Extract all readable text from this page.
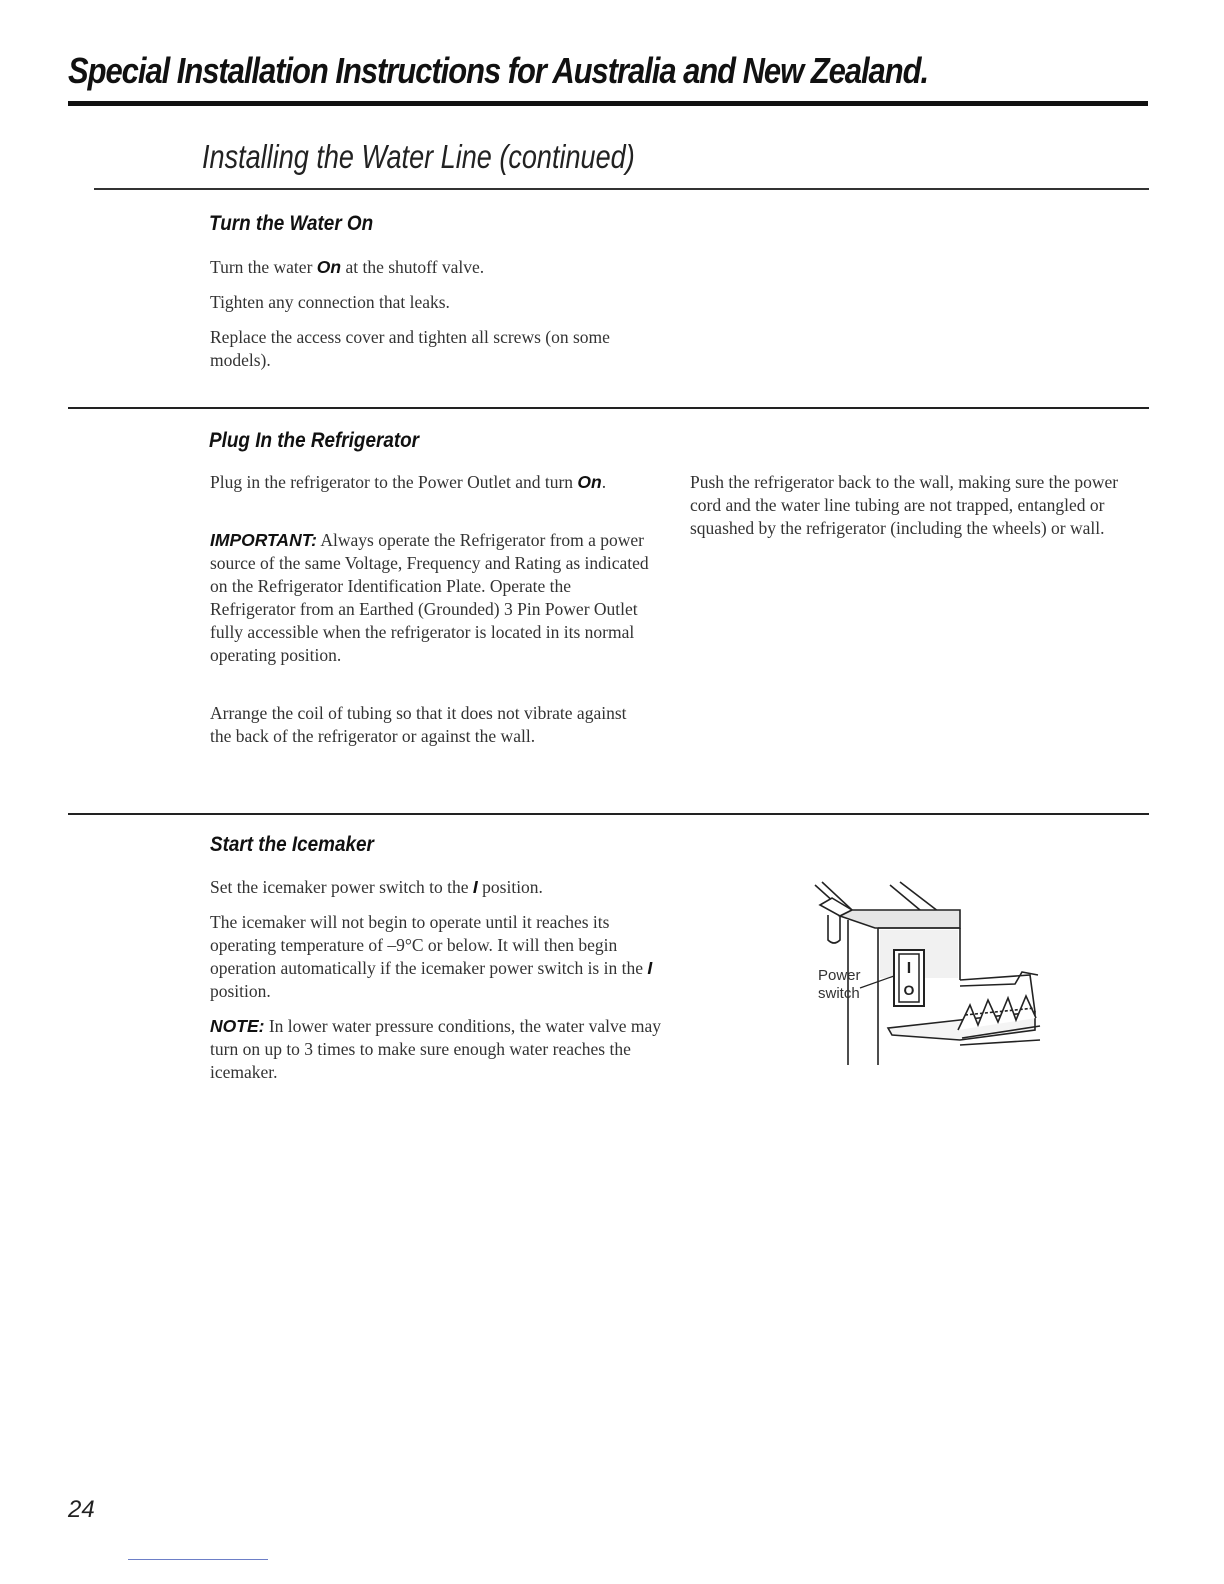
Special Installation Instructions for Australia and New Zealand.
Installing the Water Line (continued)
Turn the Water On

Turn the water On at the shutoff valve.

Tighten any connection that leaks.

Replace the access cover and tighten all screws (on some models).

Plug In the Refrigerator

Plug in the refrigerator to the Power Outlet and turn On.

IMPORTANT: Always operate the Refrigerator from a power source of the same Voltage, Frequency and Rating as indicated on the Refrigerator Identification Plate. Operate the Refrigerator from an Earthed (Grounded) 3 Pin Power Outlet fully accessible when the refrigerator is located in its normal operating position.

Arrange the coil of tubing so that it does not vibrate against the back of the refrigerator or against the wall.

Push the refrigerator back to the wall, making sure the power cord and the water line tubing are not trapped, entangled or squashed by the refrigerator (including the wheels) or wall.

Start the Icemaker

Set the icemaker power switch to the I position.

The icemaker will not begin to operate until it reaches its operating temperature of –9°C or below. It will then begin operation automatically if the icemaker power switch is in the I position.

NOTE: In lower water pressure conditions, the water valve may turn on up to 3 times to make sure enough water reaches the icemaker.

I
O
Power
switch
24
